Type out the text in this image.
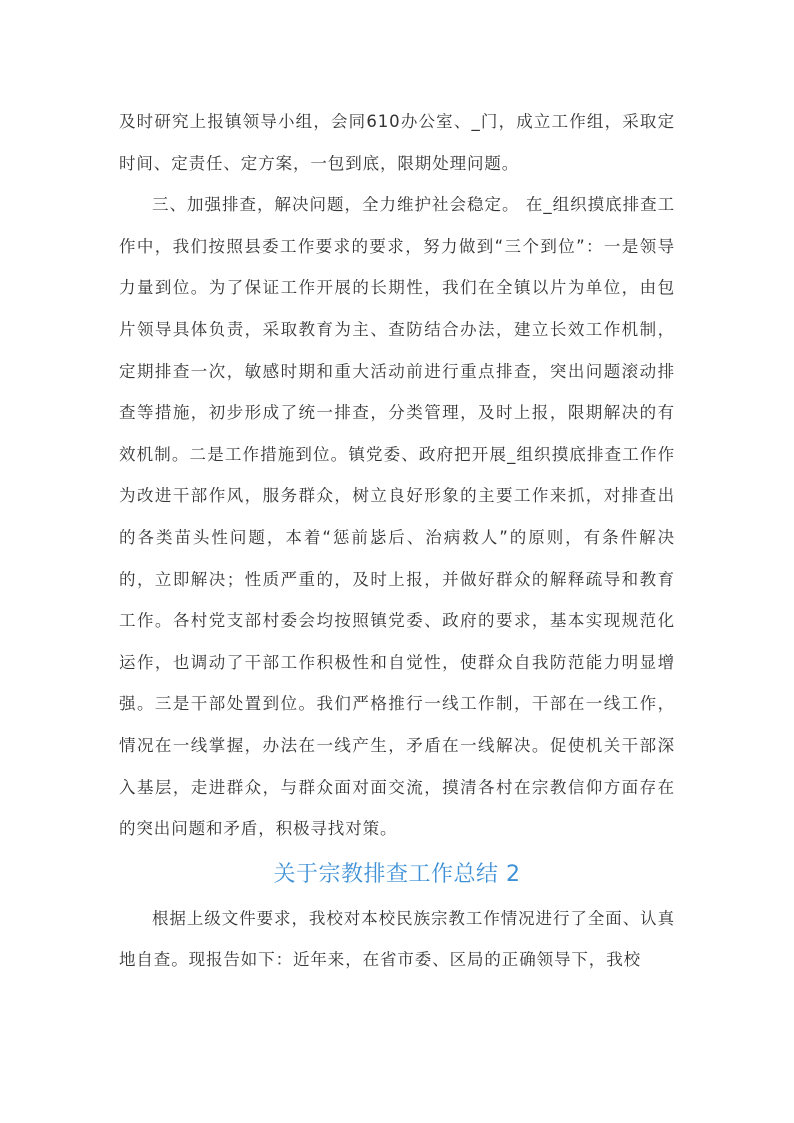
及时研究上报镇领导小组，会同610办公室、_门，成立工作组，采取定时间、定责任、定方案，一包到底，限期处理问题。

三、加强排查，解决问题，全力维护社会稳定。 在_组织摸底排查工作中，我们按照县委工作要求的要求，努力做到“三个到位”：一是领导力量到位。为了保证工作开展的长期性，我们在全镇以片为单位，由包片领导具体负责，采取教育为主、查防结合办法，建立长效工作机制，定期排查一次，敏感时期和重大活动前进行重点排查，突出问题滚动排查等措施，初步形成了统一排查，分类管理，及时上报，限期解决的有效机制。二是工作措施到位。镇党委、政府把开展_组织摸底排查工作作为改进干部作风，服务群众，树立良好形象的主要工作来抓，对排查出的各类苗头性问题，本着“惩前毖后、治病救人”的原则，有条件解决的，立即解决；性质严重的，及时上报，并做好群众的解释疏导和教育工作。各村党支部村委会均按照镇党委、政府的要求，基本实现规范化运作，也调动了干部工作积极性和自觉性，使群众自我防范能力明显增强。三是干部处置到位。我们严格推行一线工作制，干部在一线工作，情况在一线掌握，办法在一线产生，矛盾在一线解决。促使机关干部深入基层，走进群众，与群众面对面交流，摸清各村在宗教信仰方面存在的突出问题和矛盾，积极寻找对策。

关于宗教排查工作总结 2

根据上级文件要求，我校对本校民族宗教工作情况进行了全面、认真地自查。现报告如下：近年来，在省市委、区局的正确领导下，我校
